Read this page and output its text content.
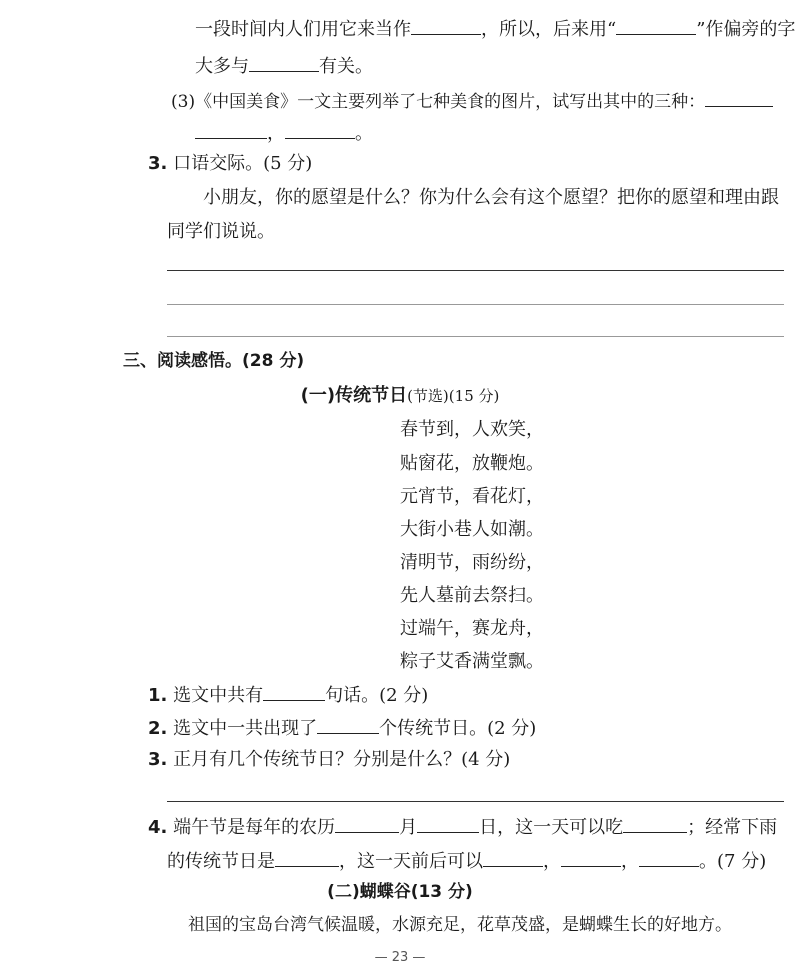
一段时间内人们用它来当作	，所以，后来用“	”作偏旁的字
大多与	有关。
(3)《中国美食》一文主要列举了七种美食的图片，试写出其中的三种：
，	。
3. 口语交际。(5 分)
小朋友，你的愿望是什么？你为什么会有这个愿望？把你的愿望和理由跟
同学们说说。
三、阅读感悟。(28 分)
(一)传统节日(节选)(15 分)
春节到，人欢笑，
贴窗花，放鞭炮。
元宵节，看花灯，
大街小巷人如潮。
清明节，雨纷纷，
先人墓前去祭扫。
过端午，赛龙舟，
粽子艾香满堂飘。
1. 选文中共有	句话。(2 分)
2. 选文中一共出现了	个传统节日。(2 分)
3. 正月有几个传统节日？分别是什么？(4 分)
4. 端午节是每年的农历	月	日，这一天可以吃	；经常下雨
的传统节日是	，这一天前后可以	，	，	。(7 分)
(二)蝴蝶谷(13 分)
祖国的宝岛台湾气候温暖，水源充足，花草茂盛，是蝴蝶生长的好地方。
— 23 —
